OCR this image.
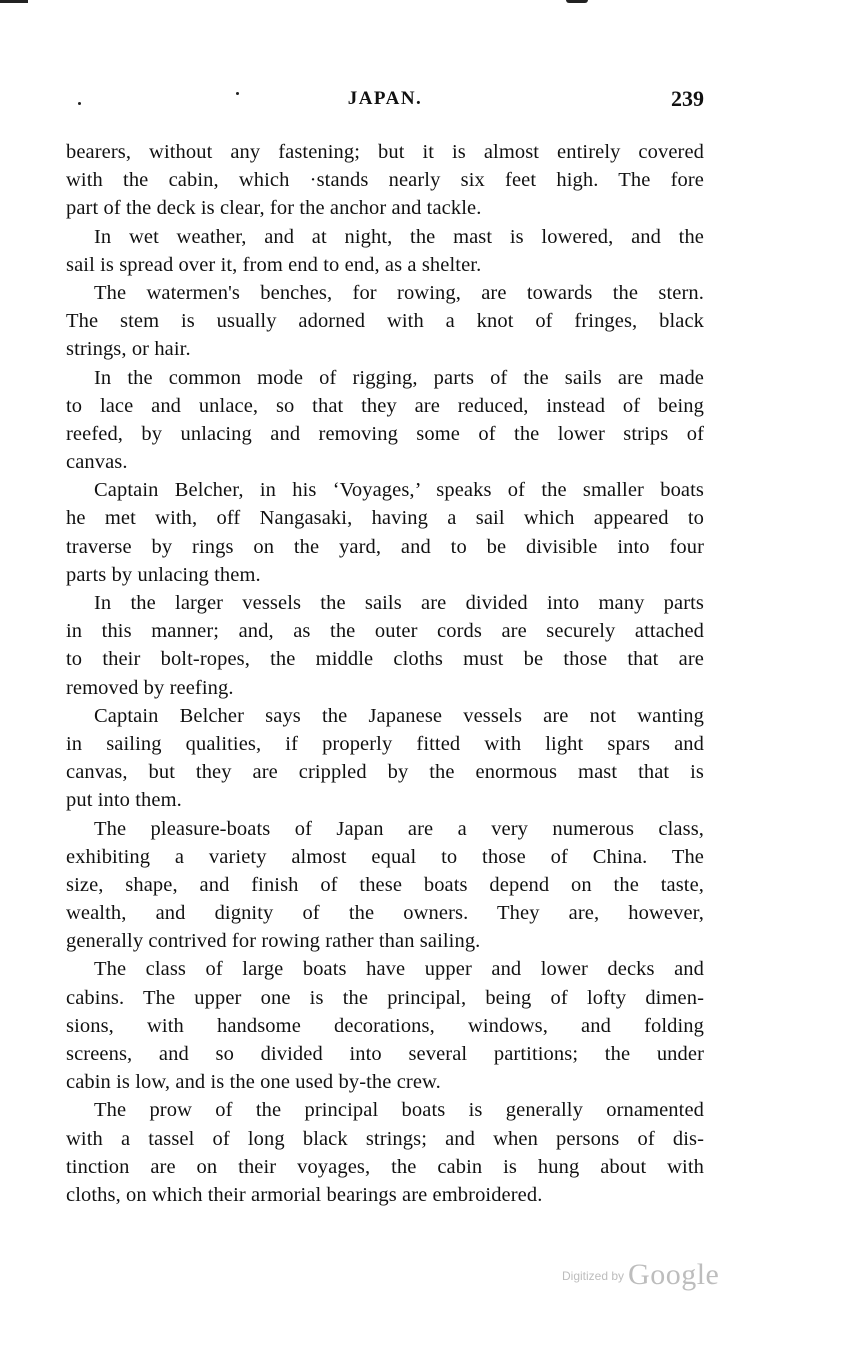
JAPAN.	239
bearers, without any fastening; but it is almost entirely covered
with the cabin, which ·stands nearly six feet high. The fore
part of the deck is clear, for the anchor and tackle.
In wet weather, and at night, the mast is lowered, and the
sail is spread over it, from end to end, as a shelter.
The watermen's benches, for rowing, are towards the stern.
The stem is usually adorned with a knot of fringes, black
strings, or hair.
In the common mode of rigging, parts of the sails are made
to lace and unlace, so that they are reduced, instead of being
reefed, by unlacing and removing some of the lower strips of
canvas.
Captain Belcher, in his ‘Voyages,’ speaks of the smaller boats
he met with, off Nangasaki, having a sail which appeared to
traverse by rings on the yard, and to be divisible into four
parts by unlacing them.
In the larger vessels the sails are divided into many parts
in this manner; and, as the outer cords are securely attached
to their bolt-ropes, the middle cloths must be those that are
removed by reefing.
Captain Belcher says the Japanese vessels are not wanting
in sailing qualities, if properly fitted with light spars and
canvas, but they are crippled by the enormous mast that is
put into them.
The pleasure-boats of Japan are a very numerous class,
exhibiting a variety almost equal to those of China. The
size, shape, and finish of these boats depend on the taste,
wealth, and dignity of the owners. They are, however,
generally contrived for rowing rather than sailing.
The class of large boats have upper and lower decks and
cabins. The upper one is the principal, being of lofty dimen-
sions, with handsome decorations, windows, and folding
screens, and so divided into several partitions; the under
cabin is low, and is the one used by-the crew.
The prow of the principal boats is generally ornamented
with a tassel of long black strings; and when persons of dis-
tinction are on their voyages, the cabin is hung about with
cloths, on which their armorial bearings are embroidered.
$^{Digitized by}$ Google
